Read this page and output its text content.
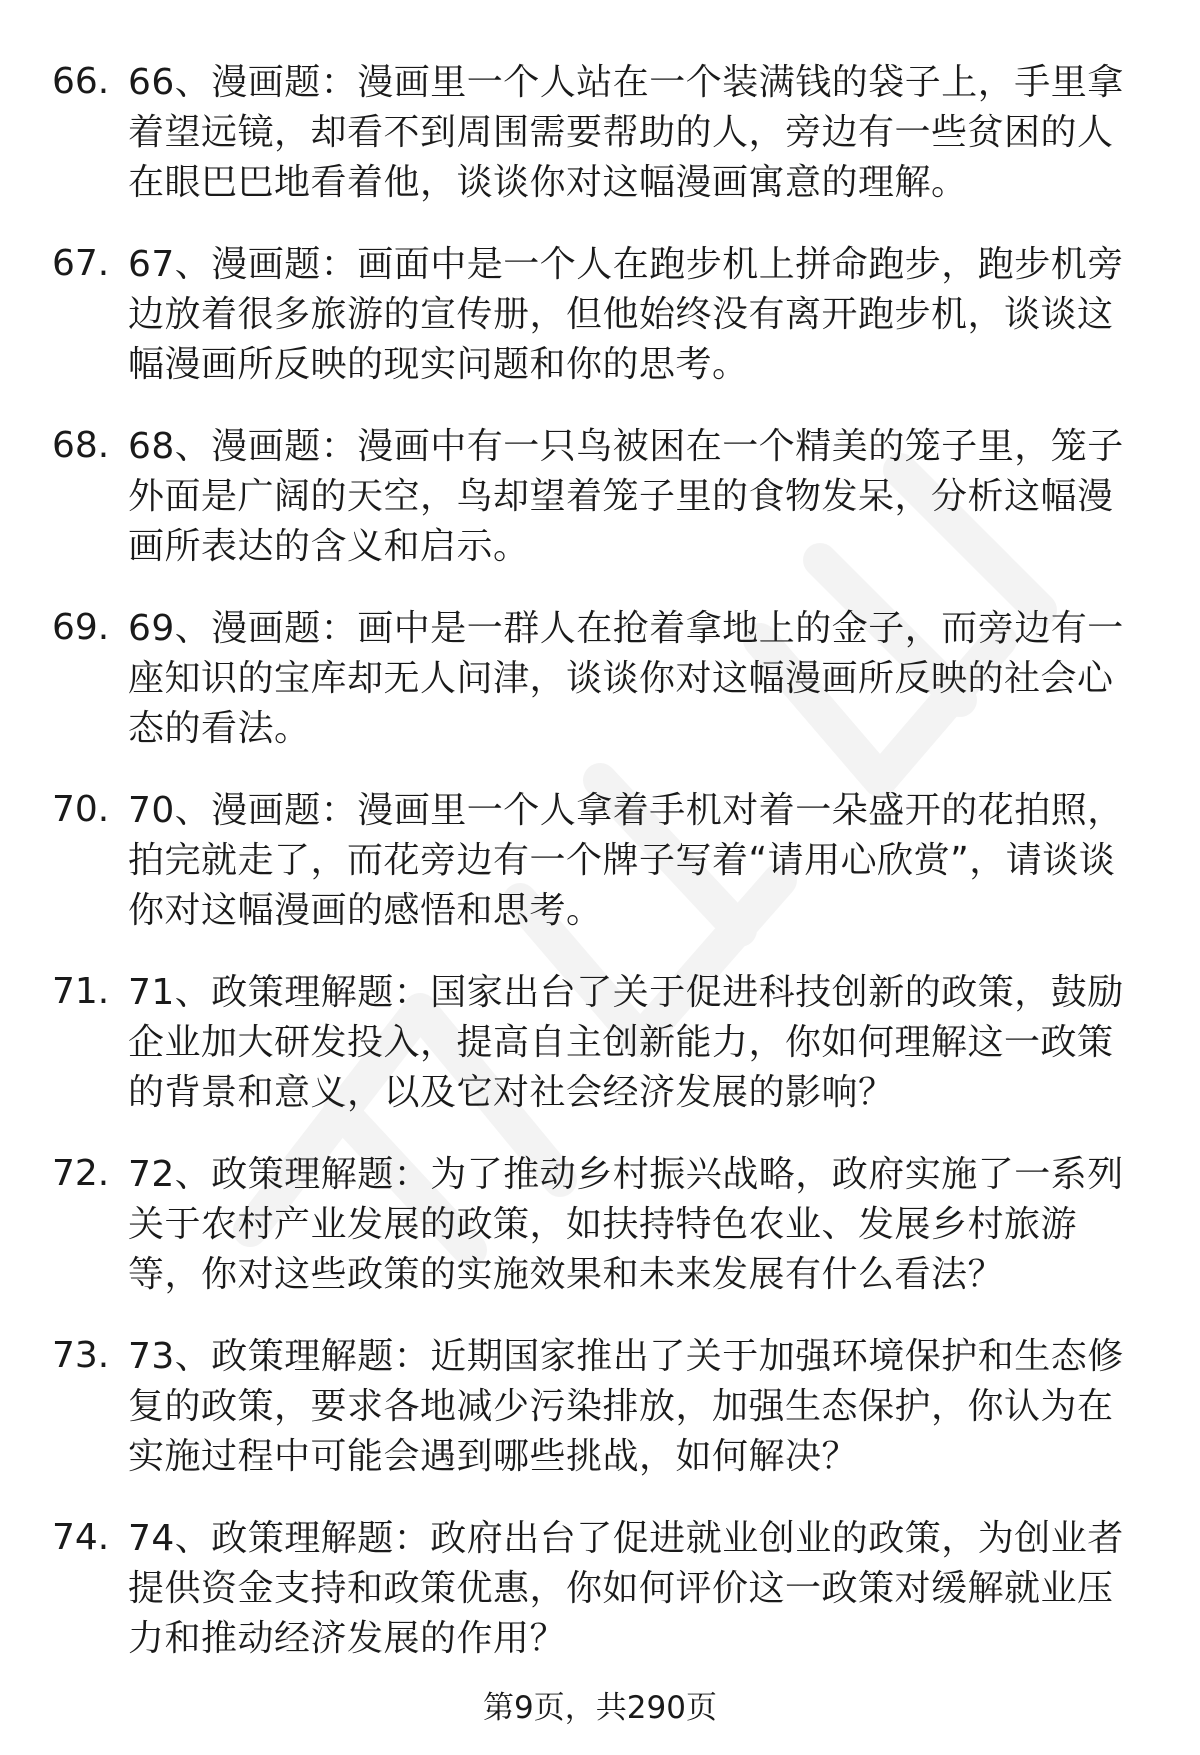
66. 66、漫画题：漫画里一个人站在一个装满钱的袋子上，手里拿着望远镜，却看不到周围需要帮助的人，旁边有一些贫困的人在眼巴巴地看着他，谈谈你对这幅漫画寓意的理解。
67. 67、漫画题：画面中是一个人在跑步机上拼命跑步，跑步机旁边放着很多旅游的宣传册，但他始终没有离开跑步机，谈谈这幅漫画所反映的现实问题和你的思考。
68. 68、漫画题：漫画中有一只鸟被困在一个精美的笼子里，笼子外面是广阔的天空，鸟却望着笼子里的食物发呆，分析这幅漫画所表达的含义和启示。
69. 69、漫画题：画中是一群人在抢着拿地上的金子，而旁边有一座知识的宝库却无人问津，谈谈你对这幅漫画所反映的社会心态的看法。
70. 70、漫画题：漫画里一个人拿着手机对着一朵盛开的花拍照，拍完就走了，而花旁边有一个牌子写着“请用心欣赏”，请谈谈你对这幅漫画的感悟和思考。
71. 71、政策理解题：国家出台了关于促进科技创新的政策，鼓励企业加大研发投入，提高自主创新能力，你如何理解这一政策的背景和意义，以及它对社会经济发展的影响？
72. 72、政策理解题：为了推动乡村振兴战略，政府实施了一系列关于农村产业发展的政策，如扶持特色农业、发展乡村旅游等，你对这些政策的实施效果和未来发展有什么看法？
73. 73、政策理解题：近期国家推出了关于加强环境保护和生态修复的政策，要求各地减少污染排放，加强生态保护，你认为在实施过程中可能会遇到哪些挑战，如何解决？
74. 74、政策理解题：政府出台了促进就业创业的政策，为创业者提供资金支持和政策优惠，你如何评价这一政策对缓解就业压力和推动经济发展的作用？
第9页，共290页
